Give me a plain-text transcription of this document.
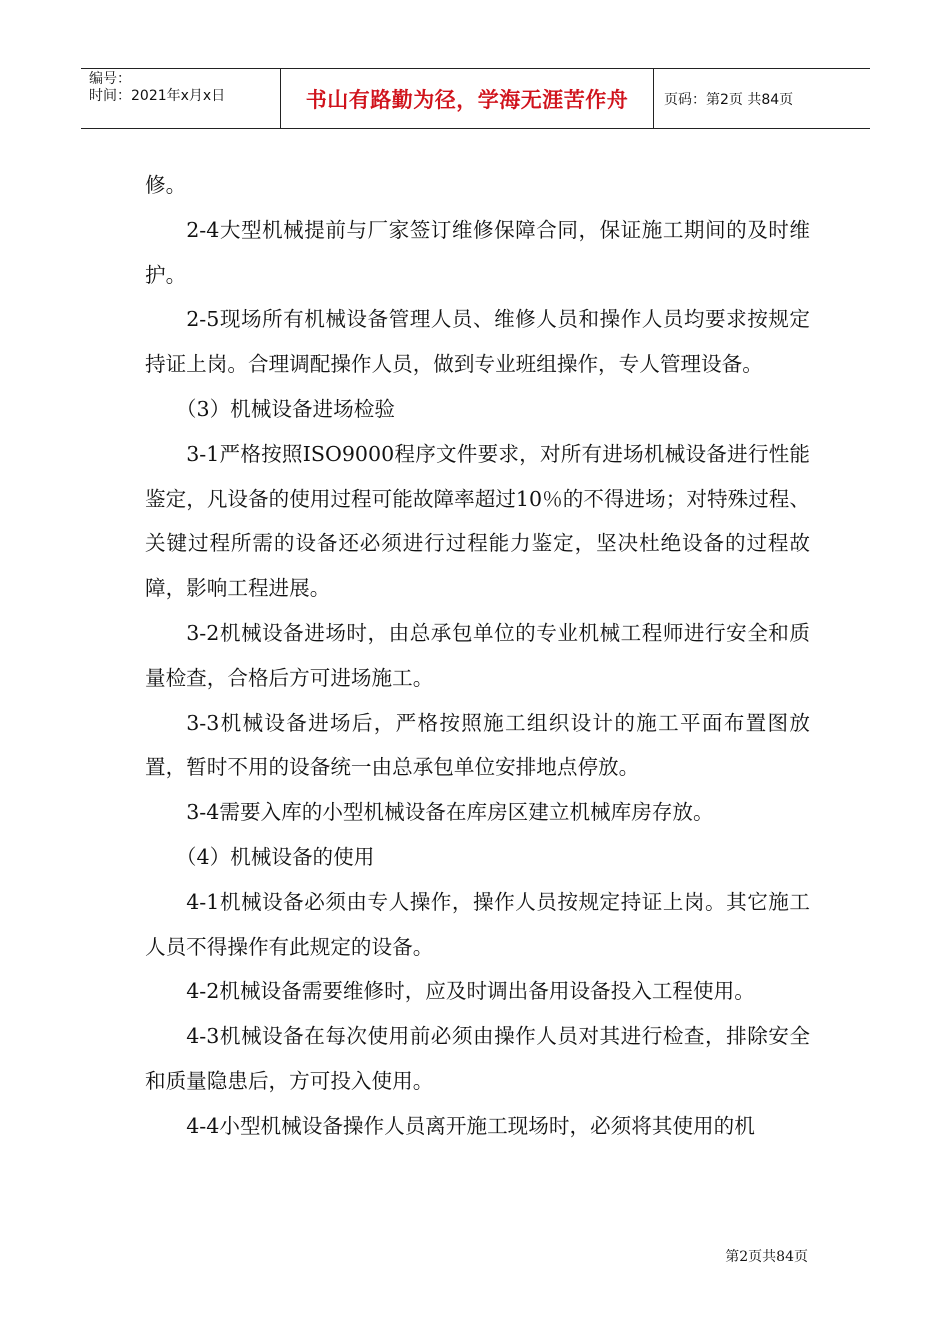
编号：
时间：2021年x月x日	书山有路勤为径，学海无涯苦作舟	页码：第2页 共84页

修。

2-4大型机械提前与厂家签订维修保障合同，保证施工期间的及时维护。

2-5现场所有机械设备管理人员、维修人员和操作人员均要求按规定持证上岗。合理调配操作人员，做到专业班组操作，专人管理设备。

（3）机械设备进场检验

3-1严格按照ISO9000程序文件要求，对所有进场机械设备进行性能鉴定，凡设备的使用过程可能故障率超过10％的不得进场；对特殊过程、关键过程所需的设备还必须进行过程能力鉴定，坚决杜绝设备的过程故障，影响工程进展。

3-2机械设备进场时，由总承包单位的专业机械工程师进行安全和质量检查，合格后方可进场施工。

3-3机械设备进场后，严格按照施工组织设计的施工平面布置图放置，暂时不用的设备统一由总承包单位安排地点停放。

3-4需要入库的小型机械设备在库房区建立机械库房存放。

（4）机械设备的使用

4-1机械设备必须由专人操作，操作人员按规定持证上岗。其它施工人员不得操作有此规定的设备。

4-2机械设备需要维修时，应及时调出备用设备投入工程使用。

4-3机械设备在每次使用前必须由操作人员对其进行检查，排除安全和质量隐患后，方可投入使用。

4-4小型机械设备操作人员离开施工现场时，必须将其使用的机

第2页共84页
